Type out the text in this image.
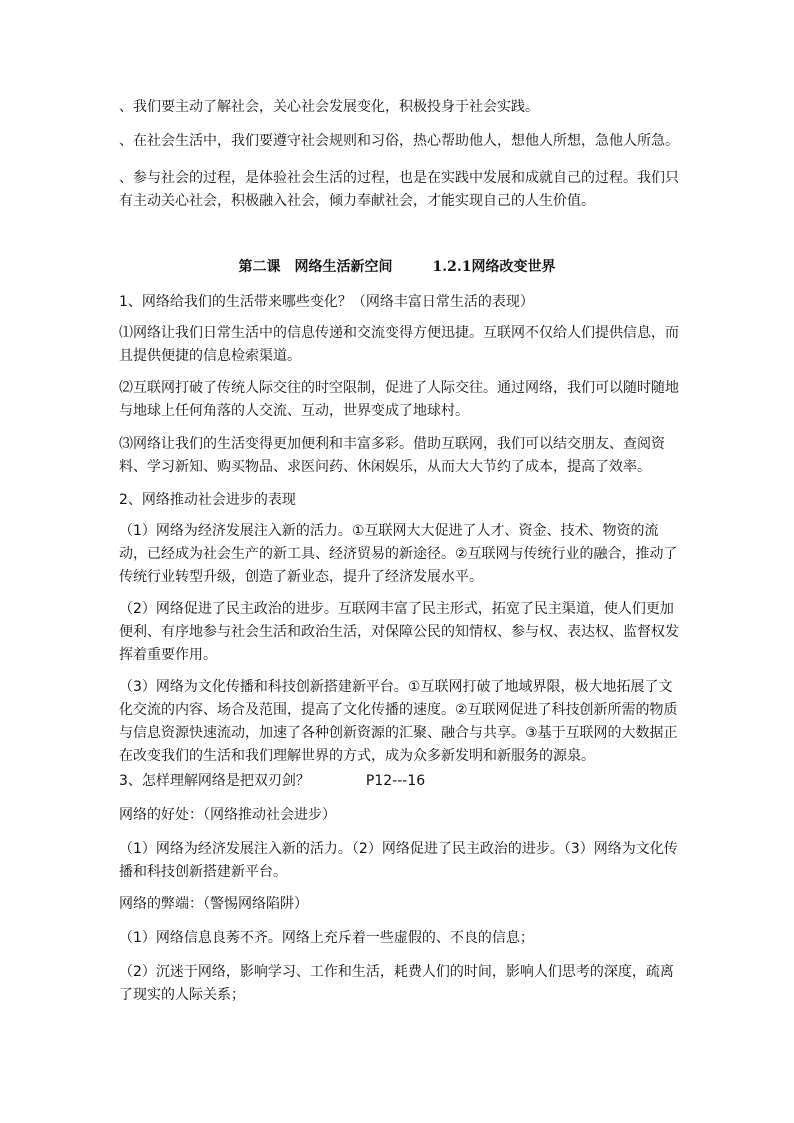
、我们要主动了解社会，关心社会发展变化，积极投身于社会实践。

、在社会生活中，我们要遵守社会规则和习俗，热心帮助他人，想他人所想，急他人所急。

、参与社会的过程，是体验社会生活的过程，也是在实践中发展和成就自己的过程。我们只有主动关心社会，积极融入社会，倾力奉献社会，才能实现自己的人生价值。

第二课　网络生活新空间	1.2.1网络改变世界

1、网络给我们的生活带来哪些变化？（网络丰富日常生活的表现）

⑴网络让我们日常生活中的信息传递和交流变得方便迅捷。互联网不仅给人们提供信息，而且提供便捷的信息检索渠道。

⑵互联网打破了传统人际交往的时空限制，促进了人际交往。通过网络，我们可以随时随地与地球上任何角落的人交流、互动，世界变成了地球村。

⑶网络让我们的生活变得更加便利和丰富多彩。借助互联网，我们可以结交朋友、查阅资料、学习新知、购买物品、求医问药、休闲娱乐，从而大大节约了成本，提高了效率。

2、网络推动社会进步的表现

（1）网络为经济发展注入新的活力。①互联网大大促进了人才、资金、技术、物资的流动，已经成为社会生产的新工具、经济贸易的新途径。②互联网与传统行业的融合，推动了传统行业转型升级，创造了新业态，提升了经济发展水平。

（2）网络促进了民主政治的进步。互联网丰富了民主形式，拓宽了民主渠道，使人们更加便利、有序地参与社会生活和政治生活，对保障公民的知情权、参与权、表达权、监督权发挥着重要作用。

（3）网络为文化传播和科技创新搭建新平台。①互联网打破了地域界限，极大地拓展了文化交流的内容、场合及范围，提高了文化传播的速度。②互联网促进了科技创新所需的物质与信息资源快速流动，加速了各种创新资源的汇聚、融合与共享。③基于互联网的大数据正在改变我们的生活和我们理解世界的方式，成为众多新发明和新服务的源泉。

3、怎样理解网络是把双刃剑？　　　　P12---16

网络的好处：（网络推动社会进步）

（1）网络为经济发展注入新的活力。（2）网络促进了民主政治的进步。（3）网络为文化传播和科技创新搭建新平台。

网络的弊端：（警惕网络陷阱）

（1）网络信息良莠不齐。网络上充斥着一些虚假的、不良的信息；

（2）沉迷于网络，影响学习、工作和生活，耗费人们的时间，影响人们思考的深度，疏离了现实的人际关系；
